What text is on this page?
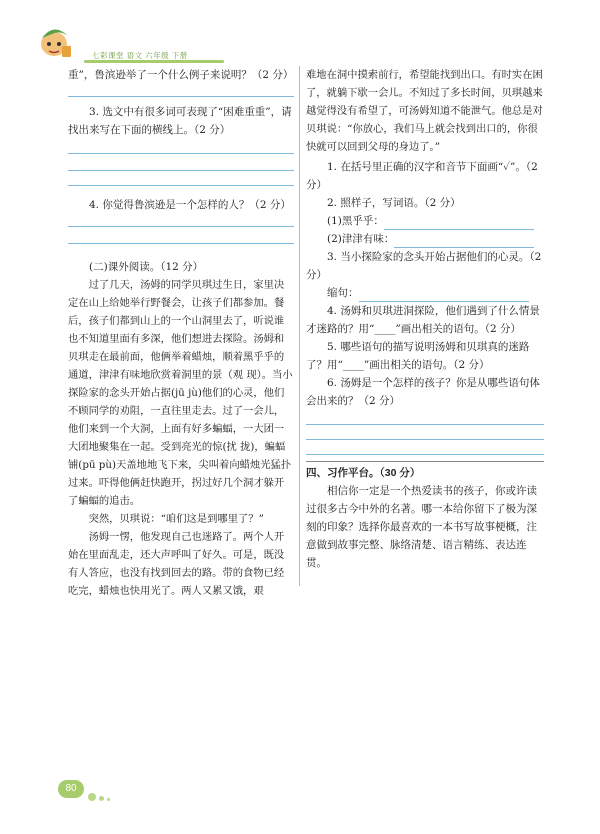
七彩课堂 语文 六年级 下册

重”，鲁滨逊举了一个什么例子来说明？（2 分）

3. 选文中有很多词可表现了“困难重重”，请找出来写在下面的横线上。（2 分）

4. 你觉得鲁滨逊是一个怎样的人？（2 分）

(二)课外阅读。（12 分）

过了几天，汤姆的同学贝琪过生日，家里决定在山上给她举行野餐会，让孩子们都参加。餐后，孩子们都到山上的一个山洞里去了，听说谁也不知道里面有多深，他们想进去探险。汤姆和贝琪走在最前面，他俩举着蜡烛，顺着黑乎乎的通道，津津有味地欣赏着洞里的景（观 现）。当小探险家的念头开始占据(jū jù)他们的心灵，他们不顾同学的劝阻，一直往里走去。过了一会儿，他们来到一个大洞，上面有好多蝙蝠，一大团一大团地聚集在一起。受到亮光的惊(扰 拢)，蝙蝠铺(pū pù)天盖地地飞下来，尖叫着向蜡烛光猛扑过来。吓得他俩赶快跑开，拐过好几个洞才躲开了蝙蝠的追击。

突然，贝琪说：“咱们这是到哪里了？”

汤姆一愣，他发现自己也迷路了。两个人开始在里面乱走，还大声呼叫了好久。可是，既没有人答应，也没有找到回去的路。带的食物已经吃完，蜡烛也快用光了。两人又累又饿，艰

难地在洞中摸索前行，希望能找到出口。有时实在困了，就躺下歇一会儿。不知过了多长时间，贝琪越来越觉得没有希望了，可汤姆知道不能泄气。他总是对贝琪说：“你放心，我们马上就会找到出口的，你很快就可以回到父母的身边了。”

1. 在括号里正确的汉字和音节下面画“✓”。（2 分）

2. 照样子，写词语。（2 分）

(1)黑乎乎：

(2)津津有味：

3. 当小探险家的念头开始占据他们的心灵。（2 分）

缩句：

4. 汤姆和贝琪进洞探险，他们遇到了什么情景才迷路的？用“____”画出相关的语句。（2 分）

5. 哪些语句的描写说明汤姆和贝琪真的迷路了？用“____”画出相关的语句。（2 分）

6. 汤姆是一个怎样的孩子？你是从哪些语句体会出来的？（2 分）

四、习作平台。（30 分）

相信你一定是一个热爱读书的孩子，你或许读过很多古今中外的名著。哪一本给你留下了极为深刻的印象？选择你最喜欢的一本书写故事梗概，注意做到故事完整、脉络清楚、语言精练、表达连贯。

80
